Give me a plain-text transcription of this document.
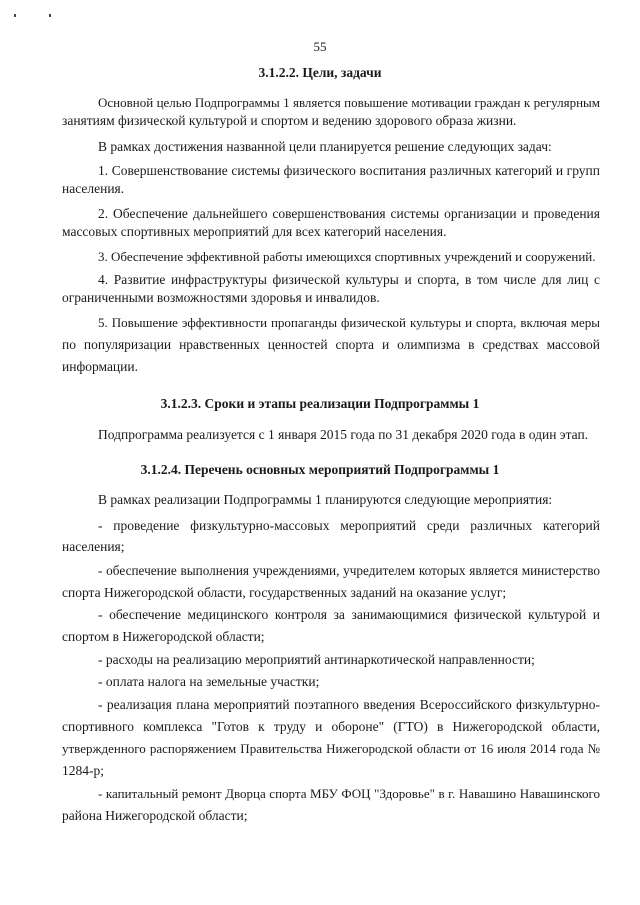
55
3.1.2.2. Цели, задачи
Основной целью Подпрограммы 1 является повышение мотивации граждан к регулярным
занятиям физической культурой и спортом и ведению здорового образа жизни.
В рамках достижения названной цели планируется решение следующих задач:
1. Совершенствование системы физического воспитания различных категорий и групп
населения.
2. Обеспечение дальнейшего совершенствования системы организации и проведения
массовых спортивных мероприятий для всех категорий населения.
3. Обеспечение эффективной работы имеющихся спортивных учреждений и сооружений.
4. Развитие инфраструктуры физической культуры и спорта, в том числе для лиц с
ограниченными возможностями здоровья и инвалидов.
5. Повышение эффективности пропаганды физической культуры и спорта, включая меры
по популяризации нравственных ценностей спорта и олимпизма в средствах массовой
информации.
3.1.2.3. Сроки и этапы реализации Подпрограммы 1
Подпрограмма реализуется с 1 января 2015 года по 31 декабря 2020 года в один этап.
3.1.2.4. Перечень основных мероприятий Подпрограммы 1
В рамках реализации Подпрограммы 1 планируются следующие мероприятия:
- проведение физкультурно-массовых мероприятий среди различных категорий
населения;
- обеспечение выполнения учреждениями, учредителем которых является министерство
спорта Нижегородской области, государственных заданий на оказание услуг;
- обеспечение медицинского контроля за занимающимися физической культурой и
спортом в Нижегородской области;
- расходы на реализацию мероприятий антинаркотической направленности;
- оплата налога на земельные участки;
- реализация плана мероприятий поэтапного введения Всероссийского физкультурно-
спортивного комплекса "Готов к труду и обороне" (ГТО) в Нижегородской области,
утвержденного распоряжением Правительства Нижегородской области от 16 июля 2014 года №
1284-р;
- капитальный ремонт Дворца спорта МБУ ФОЦ "Здоровье" в г. Навашино Навашинского
района Нижегородской области;
